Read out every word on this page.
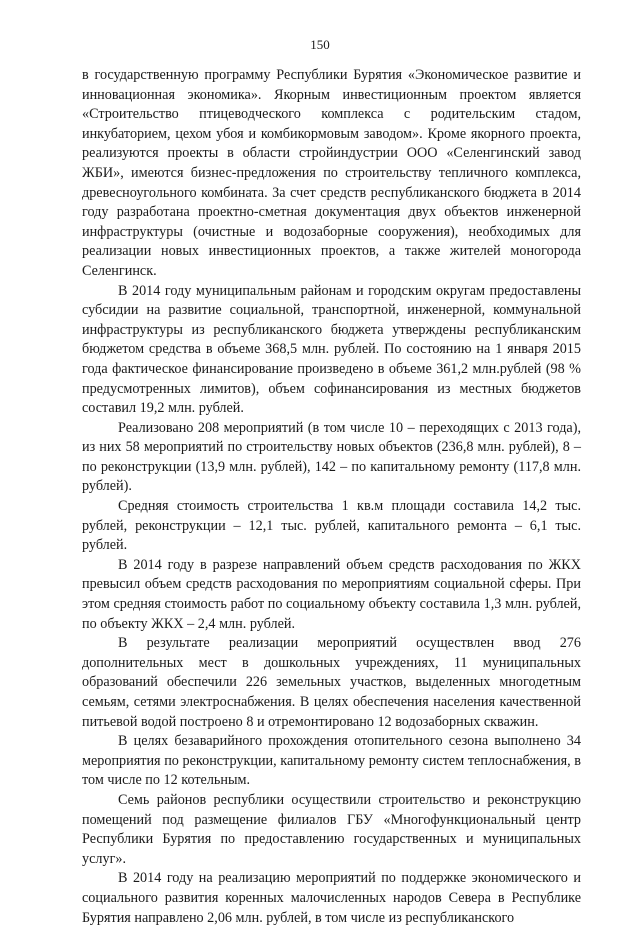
150

в государственную программу Республики Бурятия «Экономическое развитие и инновационная экономика». Якорным инвестиционным проектом является «Строительство птицеводческого комплекса с родительским стадом, инкубаторием, цехом убоя и комбикормовым заводом». Кроме якорного проекта, реализуются проекты в области стройиндустрии ООО «Селенгинский завод ЖБИ», имеются бизнес-предложения по строительству тепличного комплекса, древесноугольного комбината. За счет средств республиканского бюджета в 2014 году разработана проектно-сметная документация двух объектов инженерной инфраструктуры (очистные и водозаборные сооружения), необходимых для реализации новых инвестиционных проектов, а также жителей моногорода Селенгинск.

В 2014 году муниципальным районам и городским округам предоставлены субсидии на развитие социальной, транспортной, инженерной, коммунальной инфраструктуры из республиканского бюджета утверждены республиканским бюджетом средства в объеме 368,5 млн. рублей. По состоянию на 1 января 2015 года фактическое финансирование произведено в объеме 361,2 млн.рублей (98 % предусмотренных лимитов), объем софинансирования из местных бюджетов составил 19,2 млн. рублей.

Реализовано 208 мероприятий (в том числе 10 – переходящих с 2013 года), из них 58 мероприятий по строительству новых объектов (236,8 млн. рублей), 8 – по реконструкции (13,9 млн. рублей), 142 – по капитальному ремонту (117,8 млн. рублей).

Средняя стоимость строительства 1 кв.м площади составила 14,2 тыс. рублей, реконструкции – 12,1 тыс. рублей, капитального ремонта – 6,1 тыс. рублей.

В 2014 году в разрезе направлений объем средств расходования по ЖКХ превысил объем средств расходования по мероприятиям социальной сферы. При этом средняя стоимость работ по социальному объекту составила 1,3 млн. рублей, по объекту ЖКХ – 2,4 млн. рублей.

В результате реализации мероприятий осуществлен ввод 276 дополнительных мест в дошкольных учреждениях, 11 муниципальных образований обеспечили 226 земельных участков, выделенных многодетным семьям, сетями электроснабжения. В целях обеспечения населения качественной питьевой водой построено 8 и отремонтировано 12 водозаборных скважин.

В целях безаварийного прохождения отопительного сезона выполнено 34 мероприятия по реконструкции, капитальному ремонту систем теплоснабжения, в том числе по 12 котельным.

Семь районов республики осуществили строительство и реконструкцию помещений под размещение филиалов ГБУ «Многофункциональный центр Республики Бурятия по предоставлению государственных и муниципальных услуг».

В 2014 году на реализацию мероприятий по поддержке экономического и социального развития коренных малочисленных народов Севера в Республике Бурятия направлено 2,06 млн. рублей, в том числе из республиканского
